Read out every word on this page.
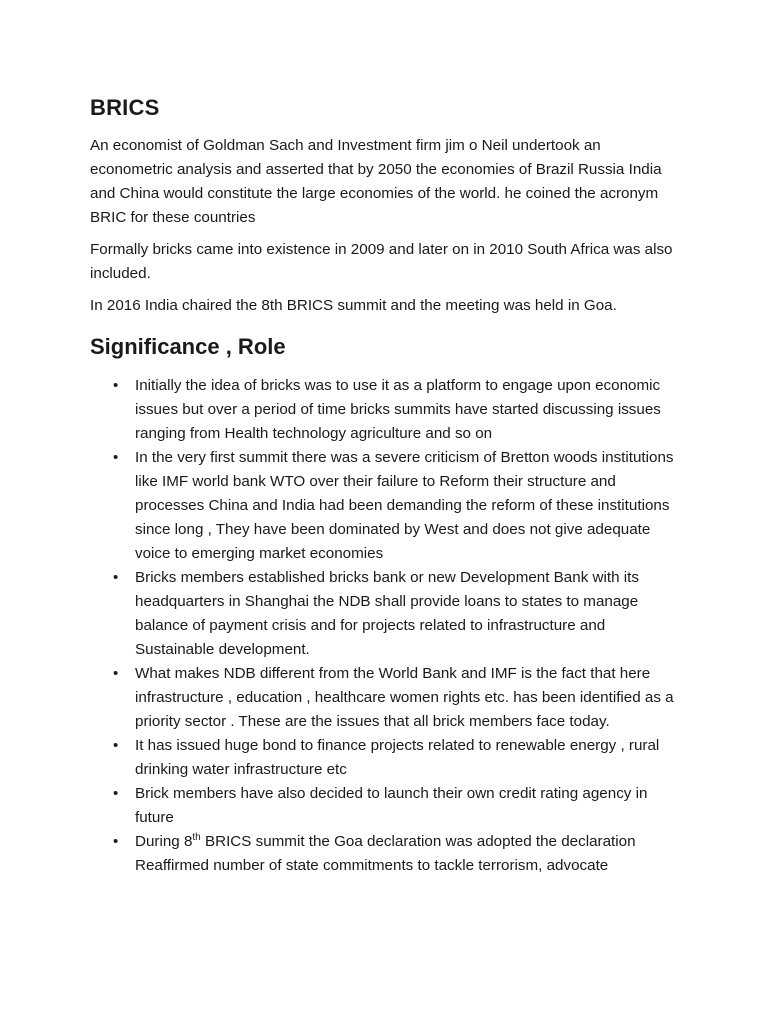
BRICS

An economist of Goldman Sach and Investment firm jim o Neil undertook an econometric analysis and asserted that by 2050 the economies of Brazil Russia India and China would constitute the large economies of the world. he coined the acronym BRIC for these countries

Formally bricks came into existence in 2009 and later on in 2010 South Africa was also included.

In 2016 India chaired the 8th BRICS summit and the meeting was held in Goa.

Significance , Role
• Initially the idea of bricks was to use it as a platform to engage upon economic issues but over a period of time bricks summits have started discussing issues ranging from Health technology agriculture and so on
• In the very first summit there was a severe criticism of Bretton woods institutions like IMF world bank WTO over their failure to Reform their structure and processes China and India had been demanding the reform of these institutions since long , They have been dominated by West and does not give adequate voice to emerging market economies
• Bricks members established bricks bank or new Development Bank with its headquarters in Shanghai the NDB shall provide loans to states to manage balance of payment crisis and for projects related to infrastructure and Sustainable development.
• What makes NDB different from the World Bank and IMF is the fact that here infrastructure , education , healthcare women rights etc. has been identified as a priority sector . These are the issues that all brick members face today.
• It has issued huge bond to finance projects related to renewable energy , rural drinking water infrastructure etc
• Brick members have also decided to launch their own credit rating agency in future
• During 8th BRICS summit the Goa declaration was adopted the declaration Reaffirmed number of state commitments to tackle terrorism, advocate
